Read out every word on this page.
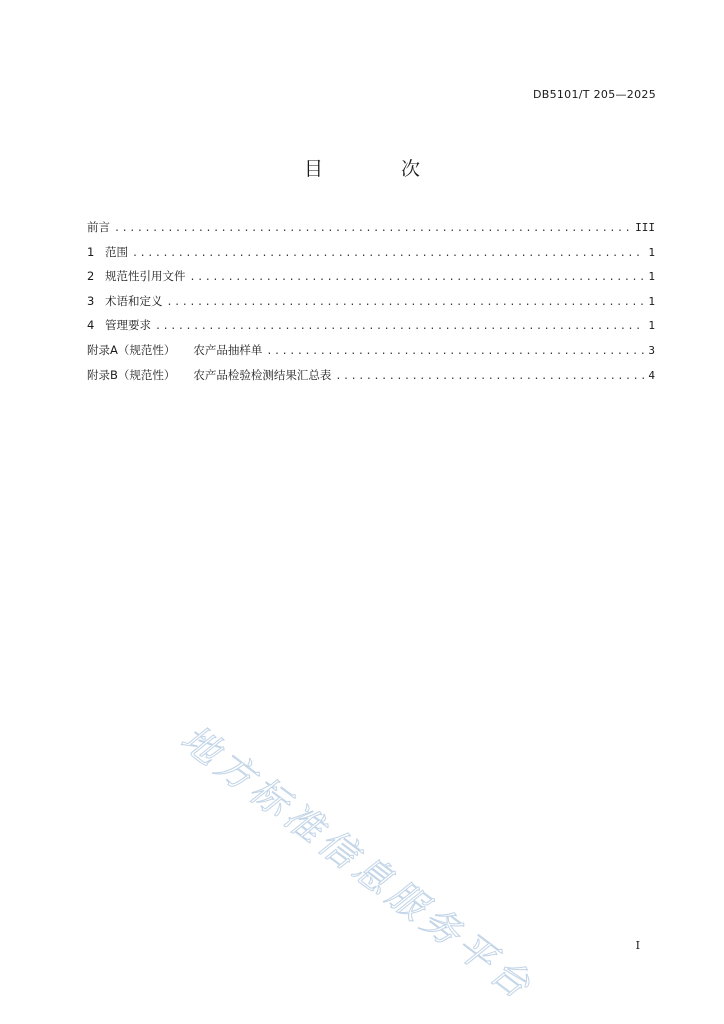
DB5101/T 205—2025
目 次
前言 .....	III
1 范围 .....	1
2 规范性引用文件 .....	1
3 术语和定义 .....	1
4 管理要求 .....	1
附录A（规范性） 农产品抽样单 .....	3
附录B（规范性） 农产品检验检测结果汇总表 .....	4
地方标准信息服务平台	I
